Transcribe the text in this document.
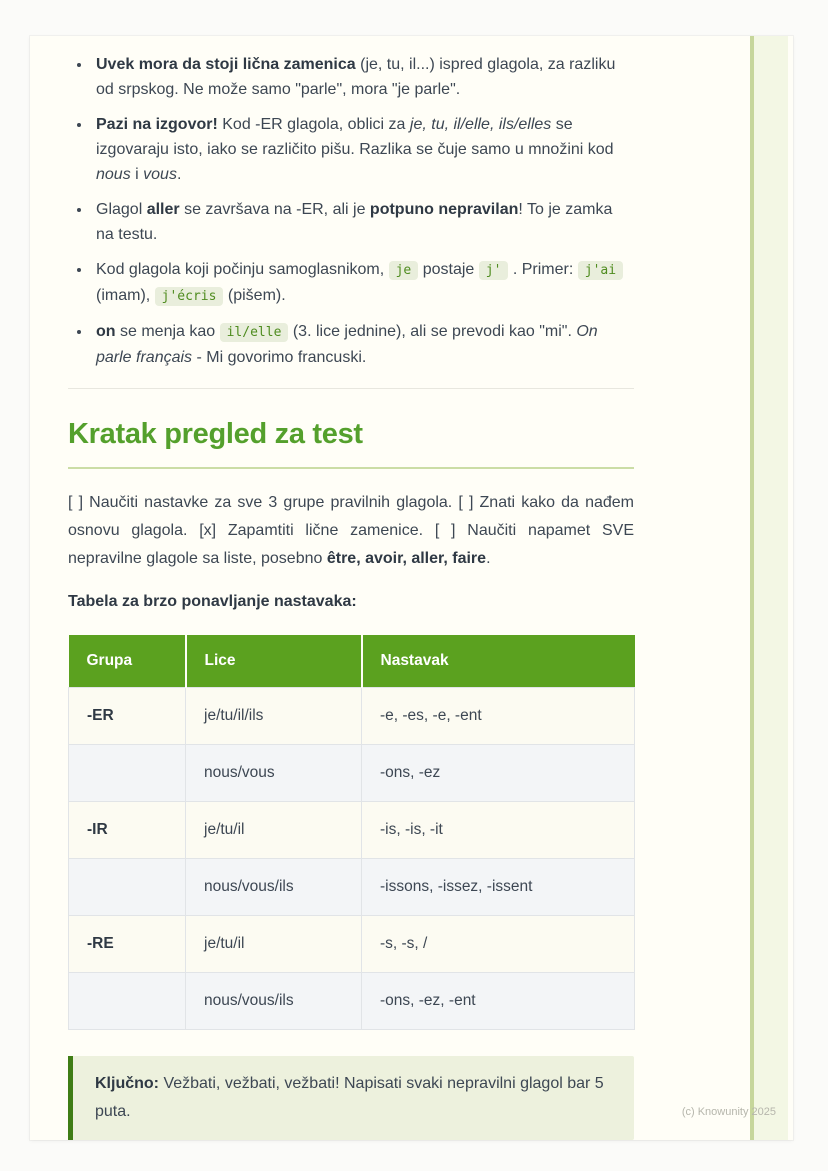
• Uvek mora da stoji lična zamenica (je, tu, il...) ispred glagola, za razliku od srpskog. Ne može samo "parle", mora "je parle".
• Pazi na izgovor! Kod -ER glagola, oblici za je, tu, il/elle, ils/elles se izgovaraju isto, iako se različito pišu. Razlika se čuje samo u množini kod nous i vous.
• Glagol aller se završava na -ER, ali je potpuno nepravilan! To je zamka na testu.
• Kod glagola koji počinju samoglasnikom, je postaje j' . Primer: j'ai (imam), j'écris (pišem).
• on se menja kao il/elle (3. lice jednine), ali se prevodi kao "mi". On parle français - Mi govorimo francuski.
Kratak pregled za test

[ ] Naučiti nastavke za sve 3 grupe pravilnih glagola. [ ] Znati kako da nađem osnovu glagola. [x] Zapamtiti lične zamenice. [ ] Naučiti napamet SVE nepravilne glagole sa liste, posebno être, avoir, aller, faire.

Tabela za brzo ponavljanje nastavaka:

Grupa	Lice	Nastavak
-ER	je/tu/il/ils	-e, -es, -e, -ent
	nous/vous	-ons, -ez
-IR	je/tu/il	-is, -is, -it
	nous/vous/ils	-issons, -issez, -issent
-RE	je/tu/il	-s, -s, /
	nous/vous/ils	-ons, -ez, -ent
Ključno: Vežbati, vežbati, vežbati! Napisati svaki nepravilni glagol bar 5 puta.	(c) Knowunity 2025
